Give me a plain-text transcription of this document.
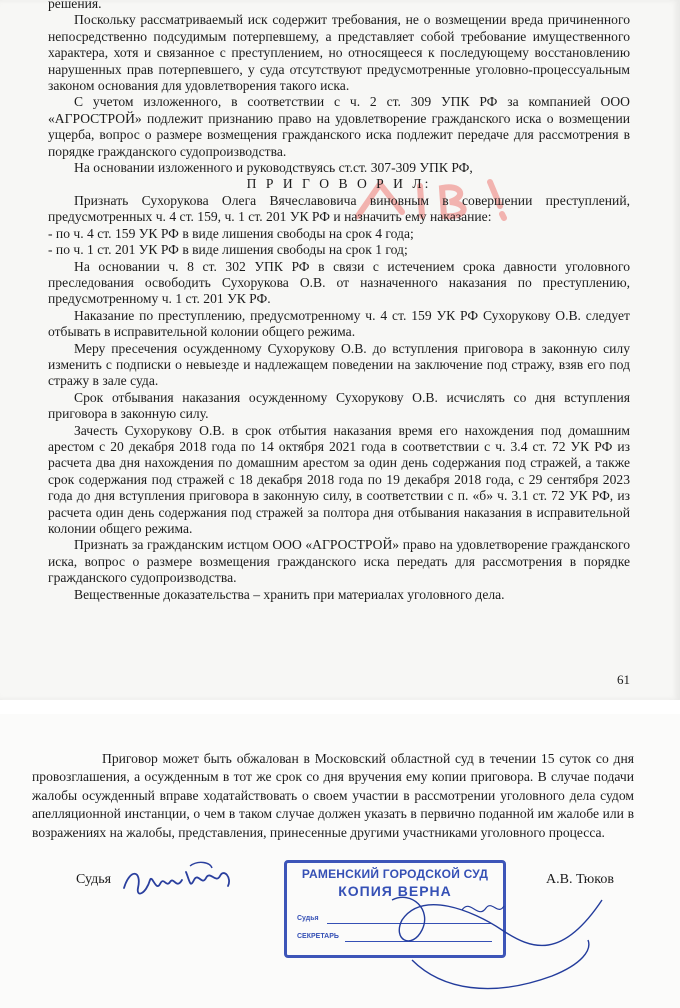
решения.

Поскольку рассматриваемый иск содержит требования, не о возмещении вреда причиненного непосредственно подсудимым потерпевшему, а представляет собой требование имущественного характера, хотя и связанное с преступлением, но относящееся к последующему восстановлению нарушенных прав потерпевшего, у суда отсутствуют предусмотренные уголовно-процессуальным законом основания для удовлетворения такого иска.

С учетом изложенного, в соответствии с ч. 2 ст. 309 УПК РФ за компанией ООО «АГРОСТРОЙ» подлежит признанию право на удовлетворение гражданского иска о возмещении ущерба, вопрос о размере возмещения гражданского иска подлежит передаче для рассмотрения в порядке гражданского судопроизводства.

На основании изложенного и руководствуясь ст.ст. 307-309 УПК РФ,

П Р И Г О В О Р И Л:

Признать Сухорукова Олега Вячеславовича виновным в совершении преступлений, предусмотренных ч. 4 ст. 159, ч. 1 ст. 201 УК РФ и назначить ему наказание:

- по ч. 4 ст. 159 УК РФ в виде лишения свободы на срок 4 года;

- по ч. 1 ст. 201 УК РФ в виде лишения свободы на срок 1 год;

На основании ч. 8 ст. 302 УПК РФ в связи с истечением срока давности уголовного преследования освободить Сухорукова О.В. от назначенного наказания по преступлению, предусмотренному ч. 1 ст. 201 УК РФ.

Наказание по преступлению, предусмотренному ч. 4 ст. 159 УК РФ Сухорукову О.В. следует отбывать в исправительной колонии общего режима.

Меру пресечения осужденному Сухорукову О.В. до вступления приговора в законную силу изменить с подписки о невыезде и надлежащем поведении на заключение под стражу, взяв его под стражу в зале суда.

Срок отбывания наказания осужденному Сухорукову О.В. исчислять со дня вступления приговора в законную силу.

Зачесть Сухорукову О.В. в срок отбытия наказания время его нахождения под домашним арестом с 20 декабря 2018 года по 14 октября 2021 года в соответствии с ч. 3.4 ст. 72 УК РФ из расчета два дня нахождения по домашним арестом за один день содержания под стражей, а также срок содержания под стражей с 18 декабря 2018 года по 19 декабря 2018 года, с 29 сентября 2023 года до дня вступления приговора в законную силу, в соответствии с п. «б» ч. 3.1 ст. 72 УК РФ, из расчета один день содержания под стражей за полтора дня отбывания наказания в исправительной колонии общего режима.

Признать за гражданским истцом ООО «АГРОСТРОЙ» право на удовлетворение гражданского иска, вопрос о размере возмещения гражданского иска передать для рассмотрения в порядке гражданского судопроизводства.

Вещественные доказательства – хранить при материалах уголовного дела.

61

Приговор может быть обжалован в Московский областной суд в течении 15 суток со дня провозглашения, а осужденным в тот же срок со дня вручения ему копии приговора. В случае подачи жалобы осужденный вправе ходатайствовать о своем участии в рассмотрении уголовного дела судом апелляционной инстанции, о чем в таком случае должен указать в первично поданной им жалобе или в возражениях на жалобы, представления, принесенные другими участниками уголовного процесса.

Судья	А.В. Тюков
РАМЕНСКИЙ ГОРОДСКОЙ СУД
КОПИЯ ВЕРНА
Судья
СЕКРЕТАРЬ
